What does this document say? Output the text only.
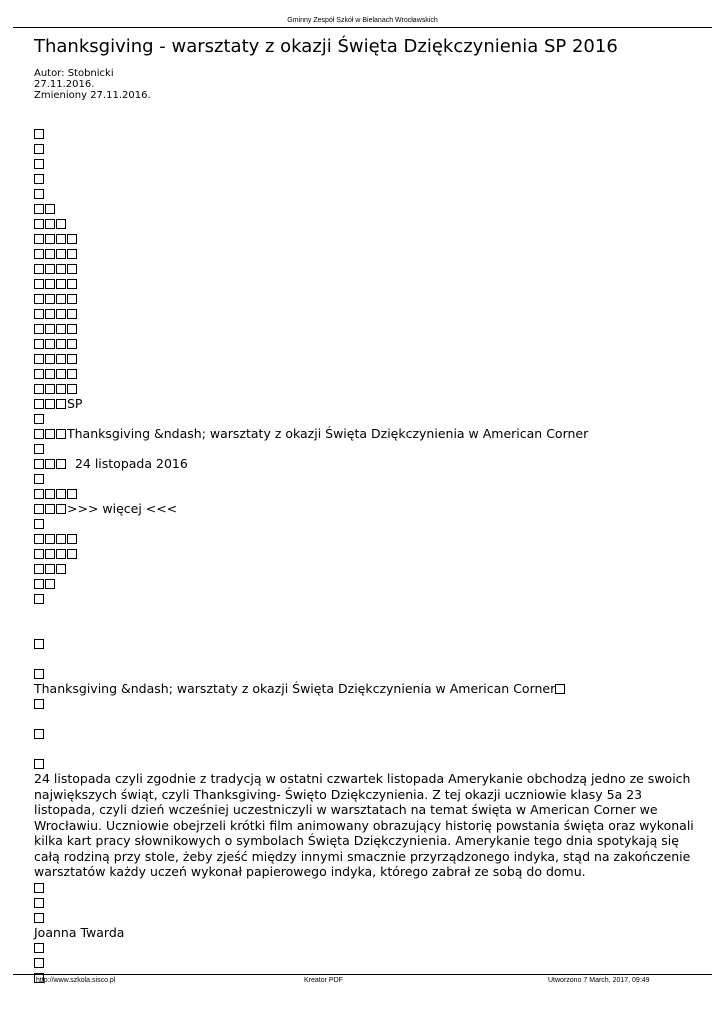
Gminny Zespół Szkół w Bielanach Wrocławskich
Thanksgiving - warsztaty z okazji Święta Dziękczynienia SP 2016
Autor: Stobnicki
27.11.2016.
Zmieniony 27.11.2016.
SP
Thanksgiving &ndash; warsztaty z okazji Święta Dziękczynienia w American Corner
24 listopada 2016
>>> więcej <<<
Thanksgiving &ndash; warsztaty z okazji Święta Dziękczynienia w American Corner
24 listopada czyli zgodnie z tradycją w ostatni czwartek listopada Amerykanie obchodzą jedno ze swoich największych świąt, czyli Thanksgiving- Święto Dziękczynienia. Z tej okazji uczniowie klasy 5a 23 listopada, czyli dzień wcześniej uczestniczyli w warsztatach na temat święta w American Corner we Wrocławiu. Uczniowie obejrzeli krótki film animowany obrazujący historię powstania święta oraz wykonali kilka kart pracy słownikowych o symbolach Święta Dziękczynienia. Amerykanie tego dnia spotykają się całą rodziną przy stole, żeby zjeść między innymi smacznie przyrządzonego indyka, stąd na zakończenie warsztatów każdy uczeń wykonał papierowego indyka, którego zabrał ze sobą do domu.
Joanna Twarda
http://www.szkola.sisco.pl	Kreator PDF	Utworzono 7 March, 2017, 09:49
